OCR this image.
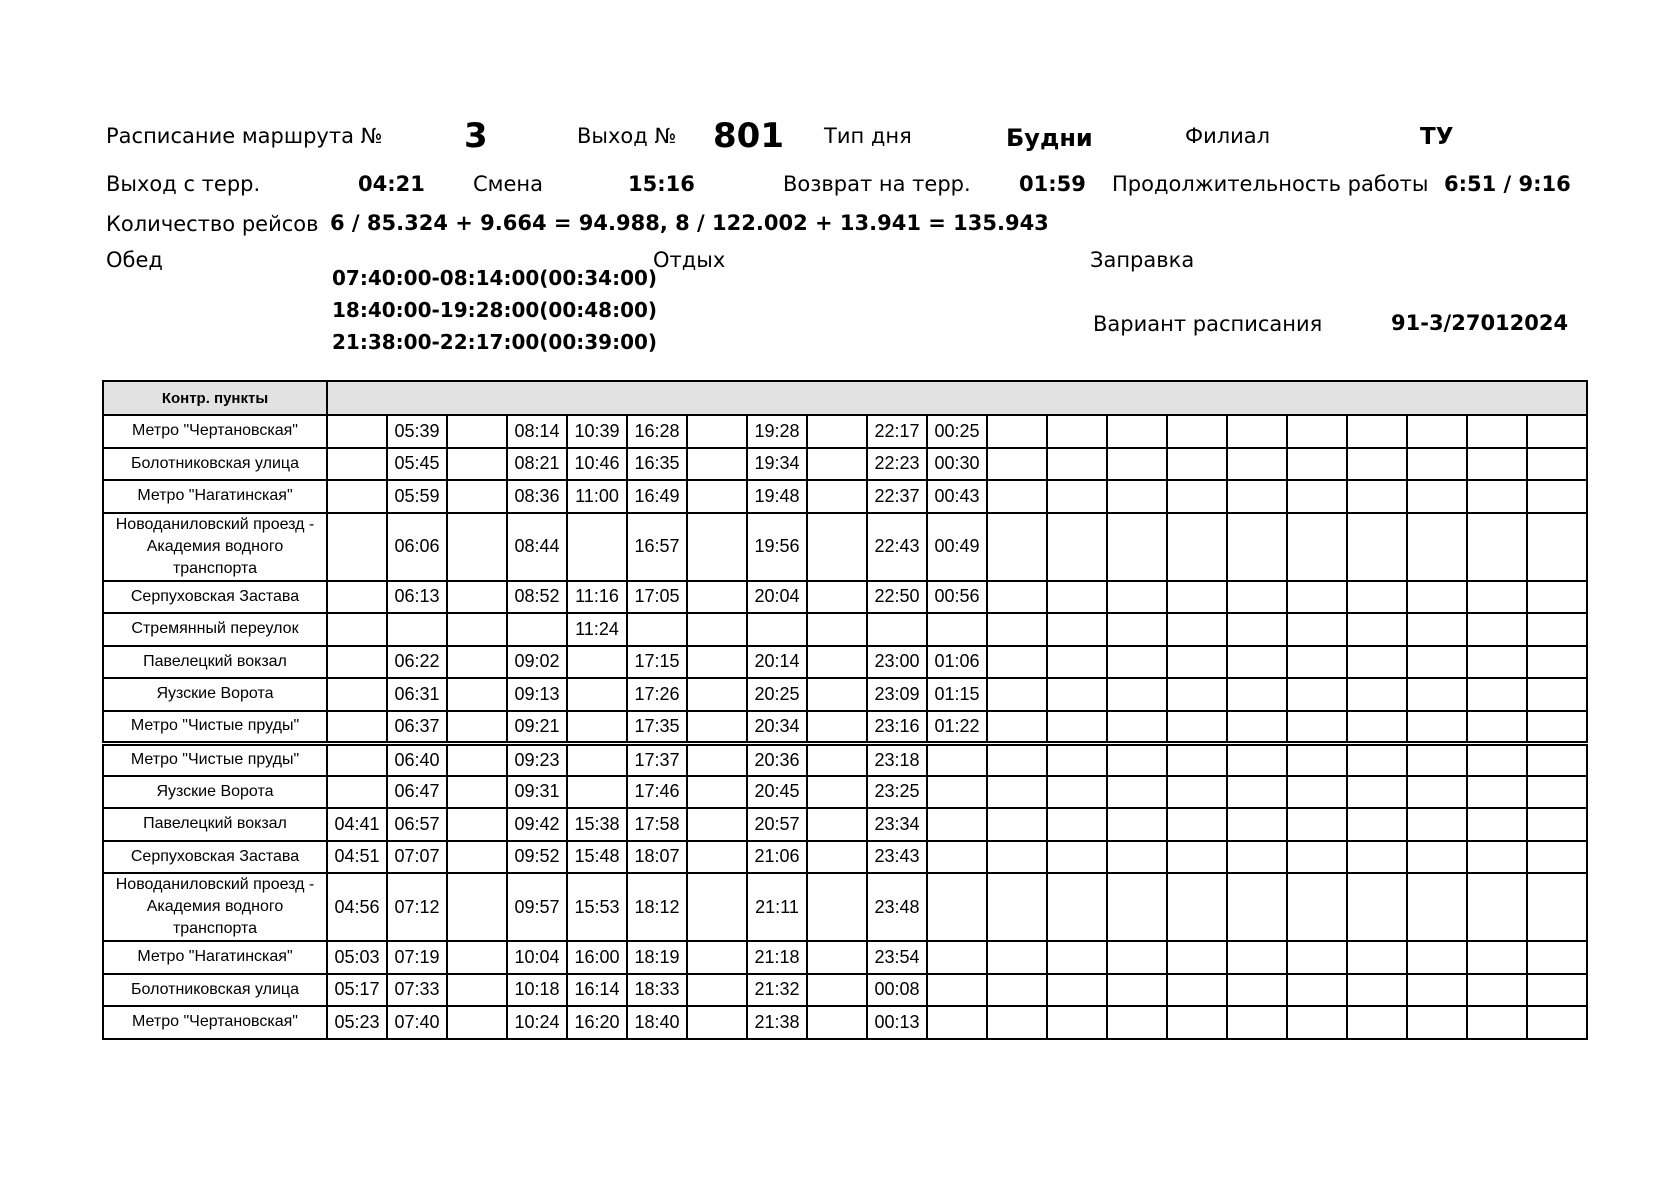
Расписание маршрута № 3	Выход № 801 Тип дня	Будни	Филиал	ТУ
Выход с терр.	04:21 Смена	15:16	Возврат на терр. 01:59 Продолжительность работы 6:51 / 9:16
Количество рейсов 6 / 85.324 + 9.664 = 94.988, 8 / 122.002 + 13.941 = 135.943
Обед
07:40:00-08:14:00(00:34:00)
18:40:00-19:28:00(00:48:00)
21:38:00-22:17:00(00:39:00)
Отдых	Заправка
Вариант расписания	91-3/27012024
Контр. пункты																					
Метро "Чертановская"		05:39		08:14	10:39	16:28		19:28		22:17	00:25										
Болотниковская улица		05:45		08:21	10:46	16:35		19:34		22:23	00:30										
Метро "Нагатинская"		05:59		08:36	11:00	16:49		19:48		22:37	00:43										
Новоданиловский проезд - Академия водного транспорта		06:06		08:44		16:57		19:56		22:43	00:49										
Серпуховская Застава		06:13		08:52	11:16	17:05		20:04		22:50	00:56										
Стремянный переулок					11:24																
Павелецкий вокзал		06:22		09:02		17:15		20:14		23:00	01:06										
Яузские Ворота		06:31		09:13		17:26		20:25		23:09	01:15										
Метро "Чистые пруды"		06:37		09:21		17:35		20:34		23:16	01:22										
Метро "Чистые пруды"		06:40		09:23		17:37		20:36		23:18											
Яузские Ворота		06:47		09:31		17:46		20:45		23:25											
Павелецкий вокзал	04:41	06:57		09:42	15:38	17:58		20:57		23:34											
Серпуховская Застава	04:51	07:07		09:52	15:48	18:07		21:06		23:43											
Новоданиловский проезд - Академия водного транспорта	04:56	07:12		09:57	15:53	18:12		21:11		23:48											
Метро "Нагатинская"	05:03	07:19		10:04	16:00	18:19		21:18		23:54											
Болотниковская улица	05:17	07:33		10:18	16:14	18:33		21:32		00:08											
Метро "Чертановская"	05:23	07:40		10:24	16:20	18:40		21:38		00:13											
